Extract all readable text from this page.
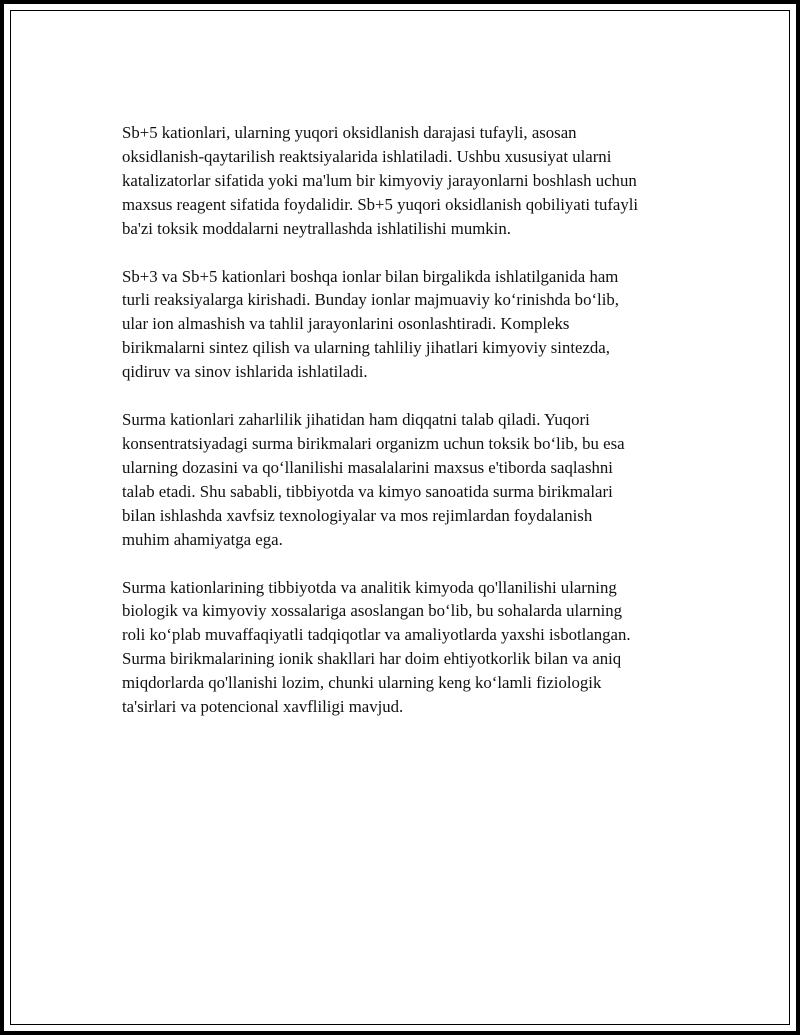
Sb+5 kationlari, ularning yuqori oksidlanish darajasi tufayli, asosan
oksidlanish-qaytarilish reaktsiyalarida ishlatiladi. Ushbu xususiyat ularni
katalizatorlar sifatida yoki ma'lum bir kimyoviy jarayonlarni boshlash uchun
maxsus reagent sifatida foydalidir. Sb+5 yuqori oksidlanish qobiliyati tufayli
ba'zi toksik moddalarni neytrallashda ishlatilishi mumkin.

Sb+3 va Sb+5 kationlari boshqa ionlar bilan birgalikda ishlatilganida ham
turli reaksiyalarga kirishadi. Bunday ionlar majmuaviy koʻrinishda boʻlib,
ular ion almashish va tahlil jarayonlarini osonlashtiradi. Kompleks
birikmalarni sintez qilish va ularning tahliliy jihatlari kimyoviy sintezda,
qidiruv va sinov ishlarida ishlatiladi.

Surma kationlari zaharlilik jihatidan ham diqqatni talab qiladi. Yuqori
konsentratsiyadagi surma birikmalari organizm uchun toksik boʻlib, bu esa
ularning dozasini va qoʻllanilishi masalalarini maxsus e'tiborda saqlashni
talab etadi. Shu sababli, tibbiyotda va kimyo sanoatida surma birikmalari
bilan ishlashda xavfsiz texnologiyalar va mos rejimlardan foydalanish
muhim ahamiyatga ega.

Surma kationlarining tibbiyotda va analitik kimyoda qo'llanilishi ularning
biologik va kimyoviy xossalariga asoslangan boʻlib, bu sohalarda ularning
roli koʻplab muvaffaqiyatli tadqiqotlar va amaliyotlarda yaxshi isbotlangan.
Surma birikmalarining ionik shakllari har doim ehtiyotkorlik bilan va aniq
miqdorlarda qo'llanishi lozim, chunki ularning keng koʻlamli fiziologik
ta'sirlari va potencional xavfliligi mavjud.
